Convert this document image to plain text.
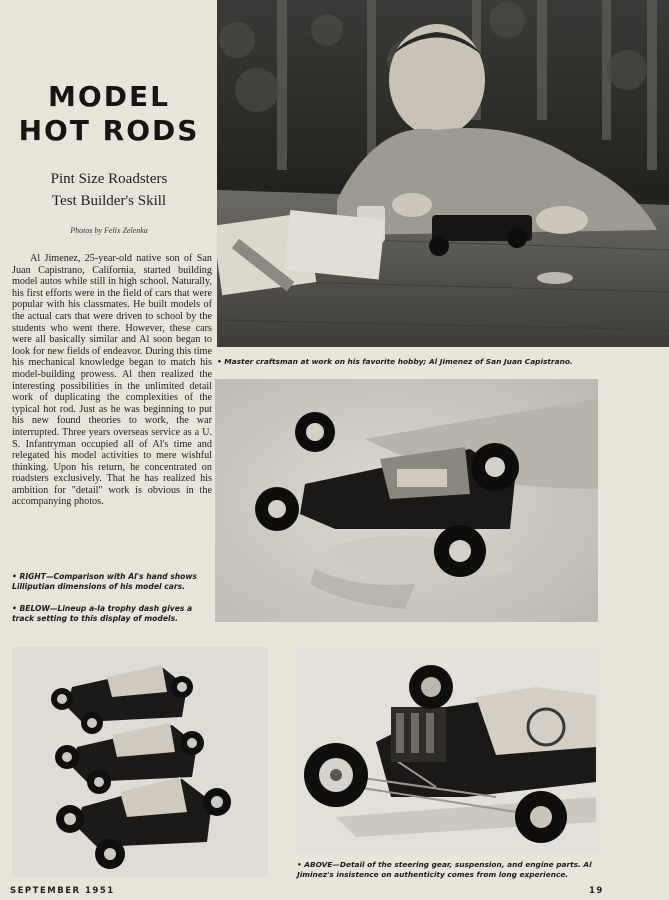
MODEL
HOT RODS
Pint Size Roadsters
Test Builder's Skill
Photos by Felix Zelenka

Al Jimenez, 25-year-old native son of San Juan Capistrano, California, started building model autos while still in high school. Naturally, his first efforts were in the field of cars that were popular with his classmates. He built models of the actual cars that were driven to school by the students who went there. However, these cars were all basically similar and Al soon began to look for new fields of endeavor. During this time his mechanical knowledge began to match his model-building prowess. Al then realized the interesting possibilities in the unlimited detail work of duplicating the complexities of the typical hot rod. Just as he was beginning to put his new found theories to work, the war interrupted. Three years overseas service as a U. S. Infantryman occupied all of Al's time and relegated his model activities to mere wishful thinking. Upon his return, he concentrated on roadsters exclusively. That he has realized his ambition for "detail" work is obvious in the accompanying photos.

• Master craftsman at work on his favorite hobby; Al Jimenez of San Juan Capistrano.
• RIGHT—Comparison with Al's hand shows Lilliputian dimensions of his model cars.
• BELOW—Lineup a-la trophy dash gives a track setting to this display of models.
• ABOVE—Detail of the steering gear, suspension, and engine parts. Al Jiminez's insistence on authenticity comes from long experience.
SEPTEMBER 1951	19
